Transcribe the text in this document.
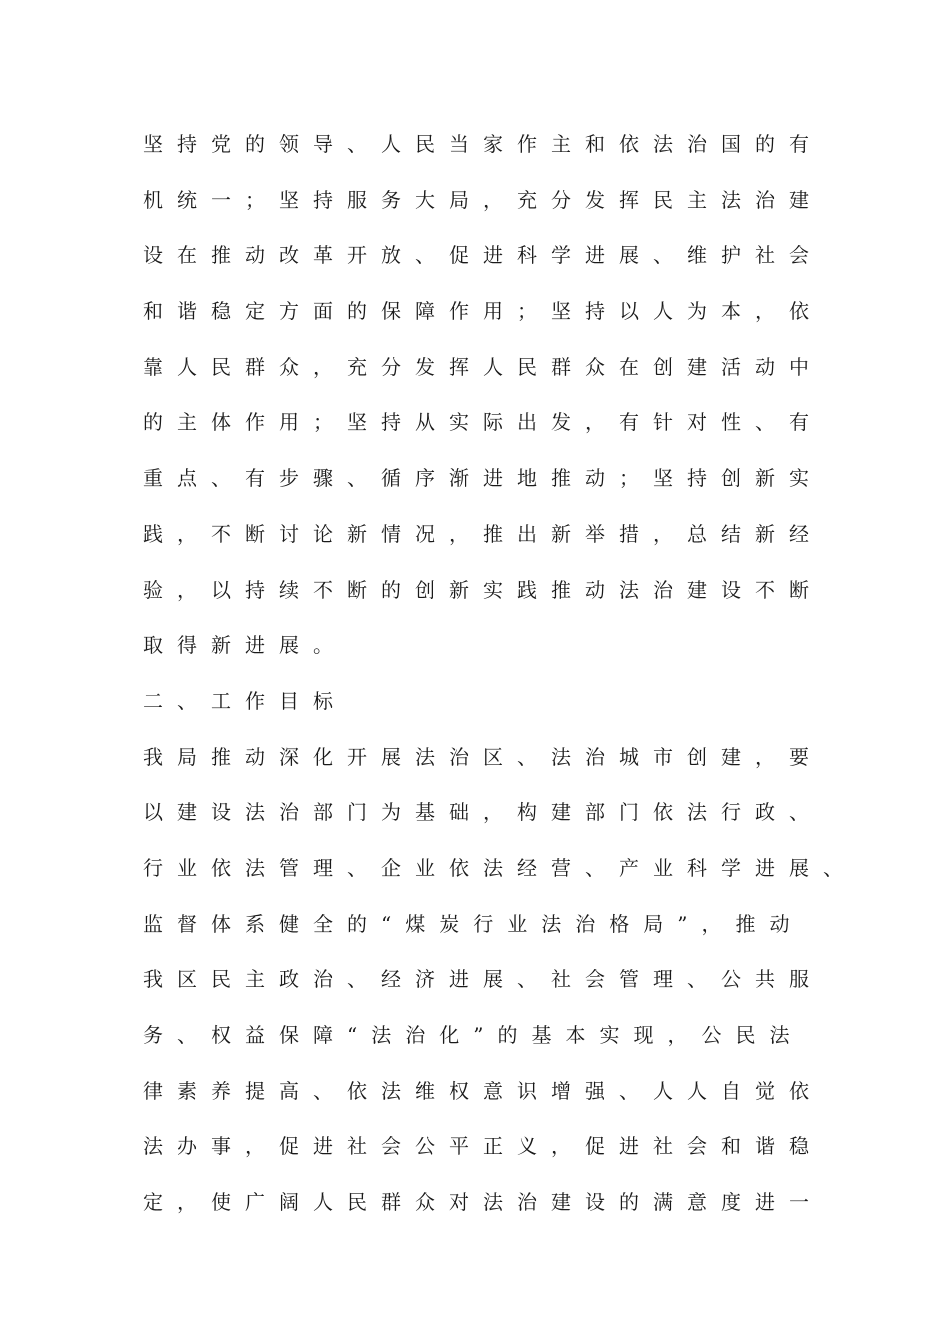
坚持党的领导、人民当家作主和依法治国的有
机统一；坚持服务大局，充分发挥民主法治建
设在推动改革开放、促进科学进展、维护社会
和谐稳定方面的保障作用；坚持以人为本，依
靠人民群众，充分发挥人民群众在创建活动中
的主体作用；坚持从实际出发，有针对性、有
重点、有步骤、循序渐进地推动；坚持创新实
践，不断讨论新情况，推出新举措，总结新经
验，以持续不断的创新实践推动法治建设不断
取得新进展。
二、工作目标
我局推动深化开展法治区、法治城市创建，要
以建设法治部门为基础，构建部门依法行政、
行业依法管理、企业依法经营、产业科学进展、
监督体系健全的“煤炭行业法治格局”，推动
我区民主政治、经济进展、社会管理、公共服
务、权益保障“法治化”的基本实现，公民法
律素养提高、依法维权意识增强、人人自觉依
法办事，促进社会公平正义，促进社会和谐稳
定，使广阔人民群众对法治建设的满意度进一
